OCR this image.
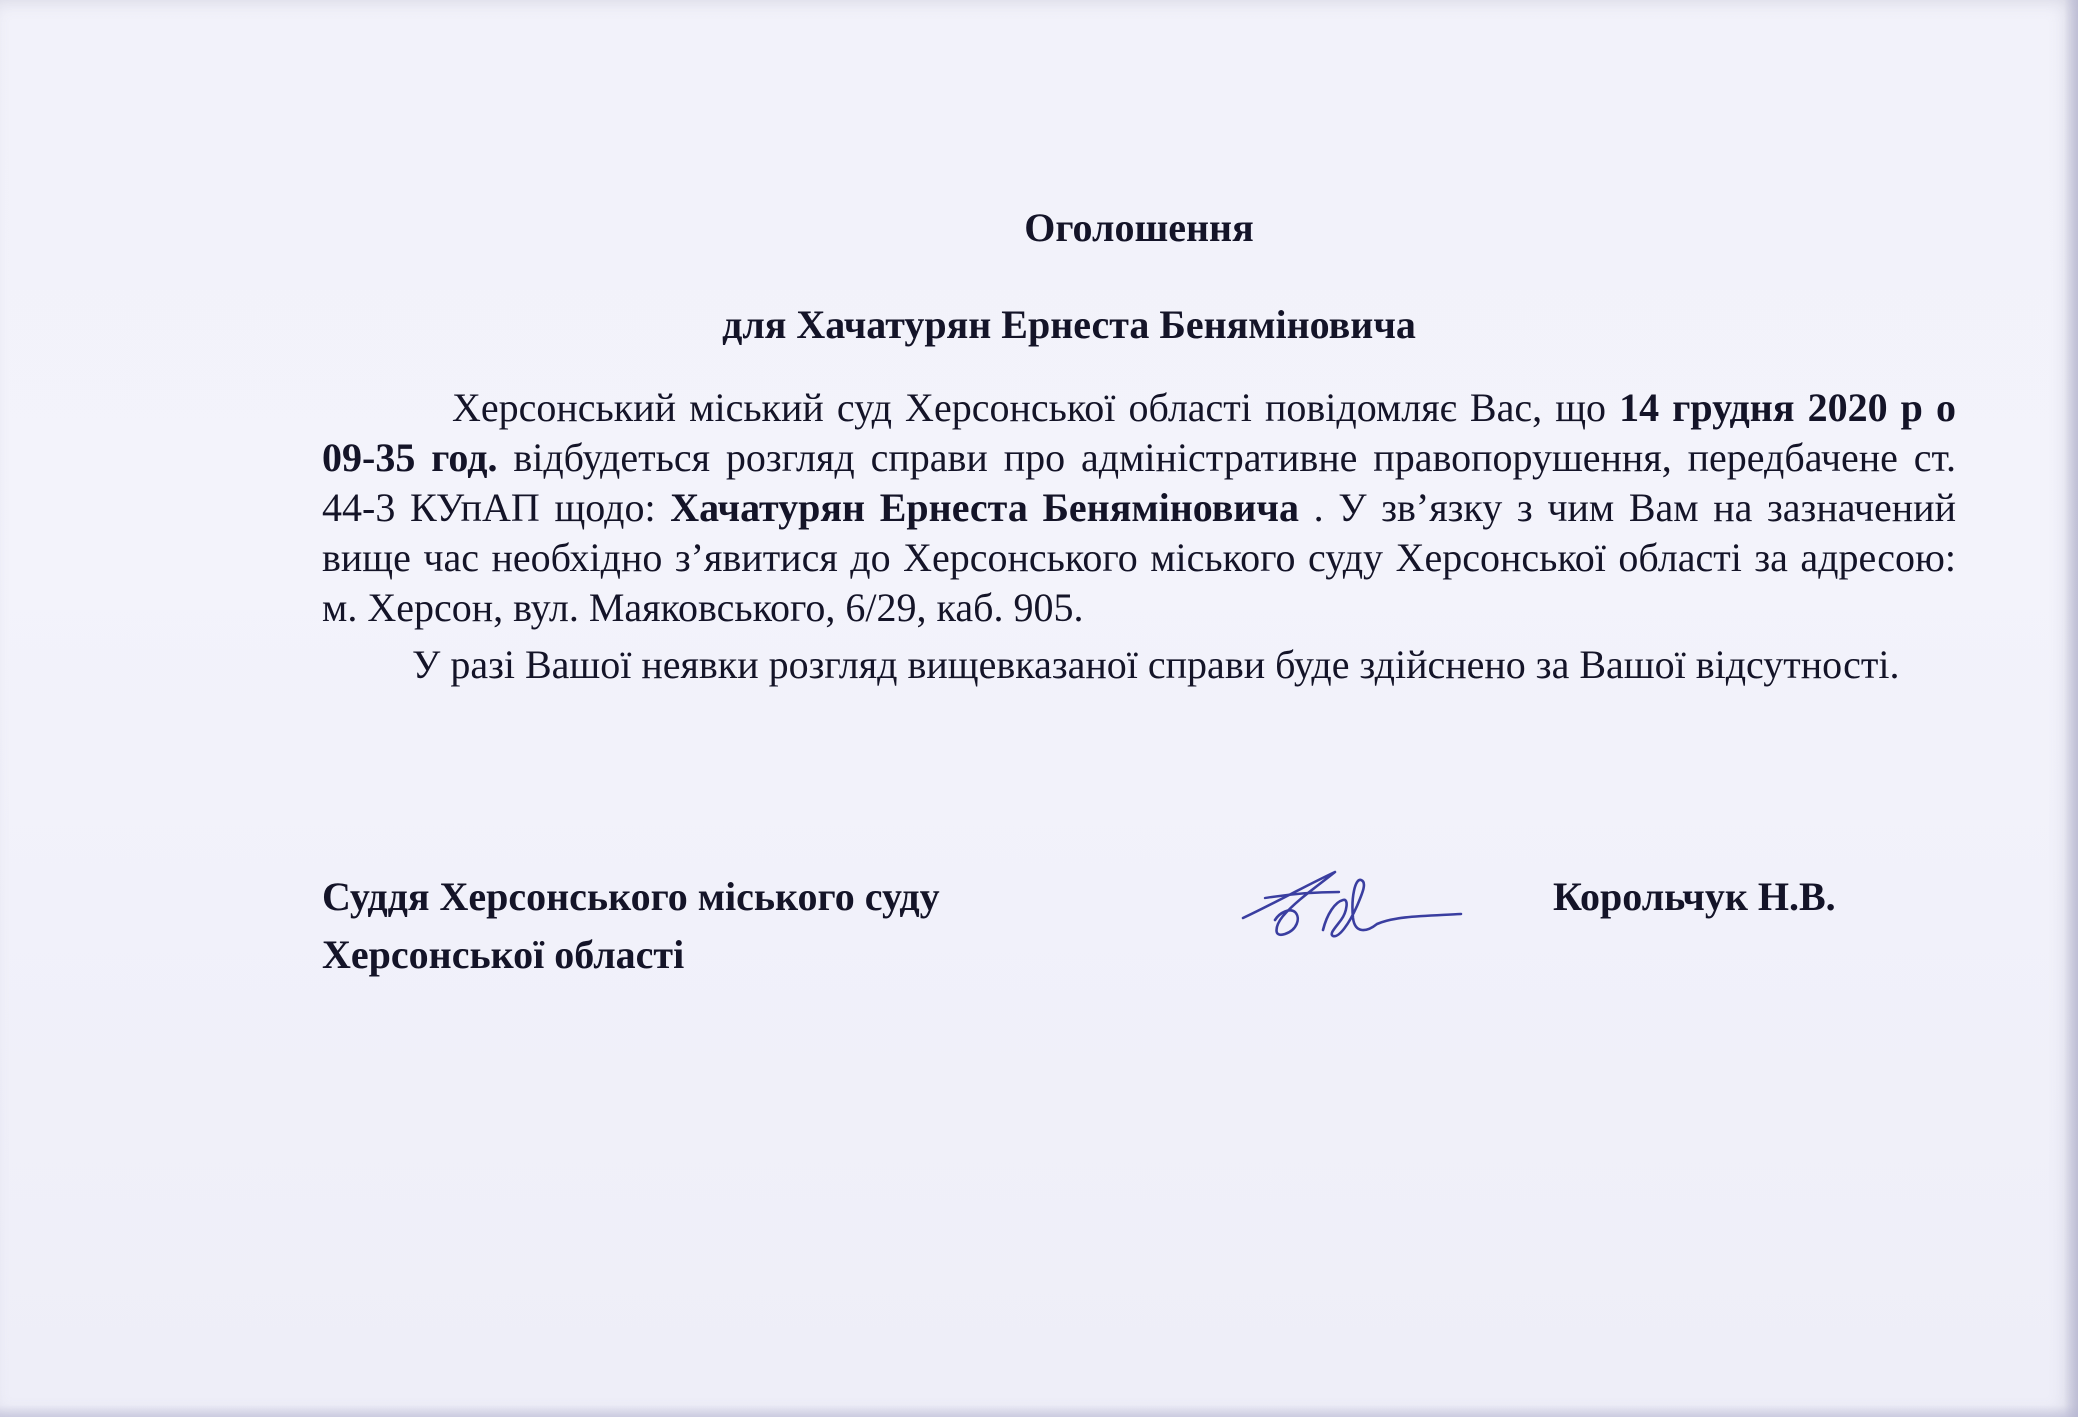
Оголошення
для Хачатурян Ернеста Беняміновича

Херсонський міський суд Херсонської області повідомляє Вас, що 14 грудня 2020 р о 09-35 год. відбудеться розгляд справи про адміністративне правопорушення, передбачене ст. 44-3 КУпАП щодо: Хачатурян Ернеста Беняміновича . У зв’язку з чим Вам на зазначений вище час необхідно з’явитися до Херсонського міського суду Херсонської області за адресою: м. Херсон, вул. Маяковського, 6/29, каб. 905.

У разі Вашої неявки розгляд вищевказаної справи буде здійснено за Вашої відсутності.

Суддя Херсонського міського суду
Херсонської області
Корольчук Н.В.
